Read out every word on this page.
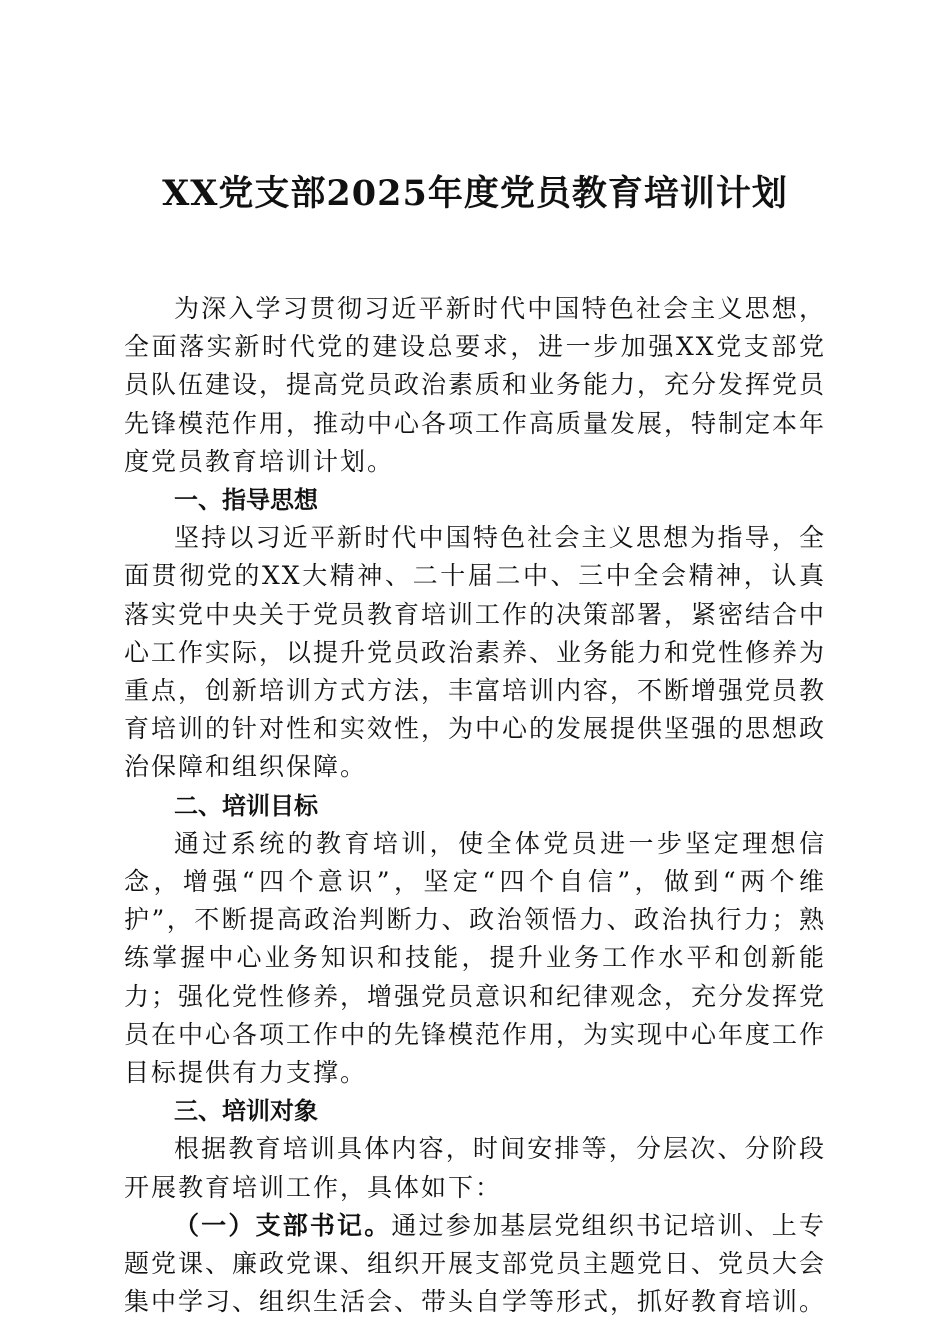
XX党支部2025年度党员教育培训计划

为深入学习贯彻习近平新时代中国特色社会主义思想，全面落实新时代党的建设总要求，进一步加强XX党支部党员队伍建设，提高党员政治素质和业务能力，充分发挥党员先锋模范作用，推动中心各项工作高质量发展，特制定本年度党员教育培训计划。

一、指导思想

坚持以习近平新时代中国特色社会主义思想为指导，全面贯彻党的XX大精神、二十届二中、三中全会精神，认真落实党中央关于党员教育培训工作的决策部署，紧密结合中心工作实际，以提升党员政治素养、业务能力和党性修养为重点，创新培训方式方法，丰富培训内容，不断增强党员教育培训的针对性和实效性，为中心的发展提供坚强的思想政治保障和组织保障。

二、培训目标

通过系统的教育培训，使全体党员进一步坚定理想信念，增强“四个意识”，坚定“四个自信”，做到“两个维护”，不断提高政治判断力、政治领悟力、政治执行力；熟练掌握中心业务知识和技能，提升业务工作水平和创新能力；强化党性修养，增强党员意识和纪律观念，充分发挥党员在中心各项工作中的先锋模范作用，为实现中心年度工作目标提供有力支撑。

三、培训对象

根据教育培训具体内容，时间安排等，分层次、分阶段开展教育培训工作，具体如下：

（一）支部书记。通过参加基层党组织书记培训、上专题党课、廉政党课、组织开展支部党员主题党日、党员大会集中学习、组织生活会、带头自学等形式，抓好教育培训。
